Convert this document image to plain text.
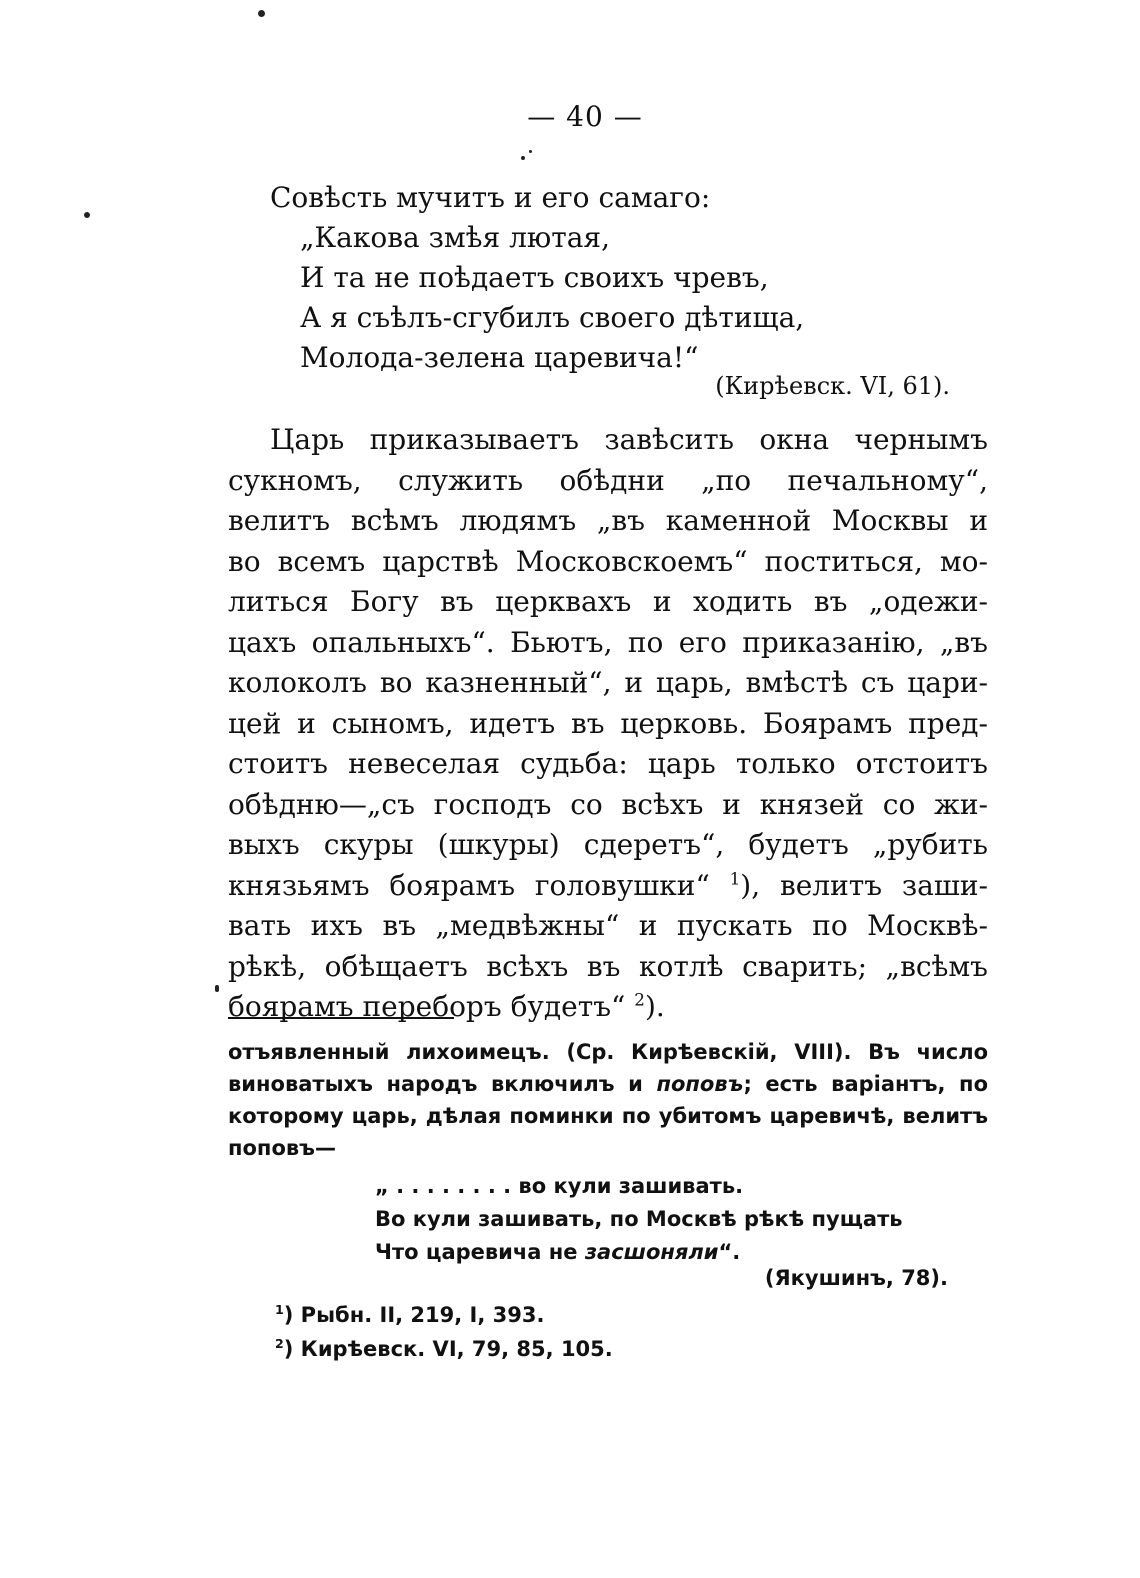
— 40 —
Совѣсть мучитъ и его самаго:
„Какова змѣя лютая,
И та не поѣдаетъ своихъ чревъ,
А я съѣлъ-сгубилъ своего дѣтища,
Молода-зелена царевича!“
(Кирѣевск. VI, 61).
Царь приказываетъ завѣсить окна чернымъ
сукномъ, служить обѣдни „по печальному“,
велитъ всѣмъ людямъ „въ каменной Москвы и
во всемъ царствѣ Московскоемъ“ поститься, мо-
литься Богу въ церквахъ и ходить въ „одежи-
цахъ опальныхъ“. Бьютъ, по его приказанію, „въ
колоколъ во казненный“, и царь, вмѣстѣ съ цари-
цей и сыномъ, идетъ въ церковь. Боярамъ пред-
стоитъ невеселая судьба: царь только отстоитъ
обѣдню—„съ господъ со всѣхъ и князей со жи-
выхъ скуры (шкуры) сдеретъ“, будетъ „рубить
князьямъ боярамъ головушки“ $^1$), велитъ заши-
вать ихъ въ „медвѣжны“ и пускать по Москвѣ-
рѣкѣ, обѣщаетъ всѣхъ въ котлѣ сварить; „всѣмъ
боярамъ переборъ будетъ“ $^2$).
отъявленный лихоимецъ. (Ср. Кирѣевскій, VIII). Въ число
виноватыхъ народъ включилъ и поповъ; есть варіантъ, по
которому царь, дѣлая поминки по убитомъ царевичѣ, велитъ
поповъ—
„ . . . . . . . . во кули зашивать.
Во кули зашивать, по Москвѣ рѣкѣ пущать
Что царевича не засшоняли“.
(Якушинъ, 78).
$^1$) Рыбн. II, 219, I, 393.
$^2$) Кирѣевск. VI, 79, 85, 105.
